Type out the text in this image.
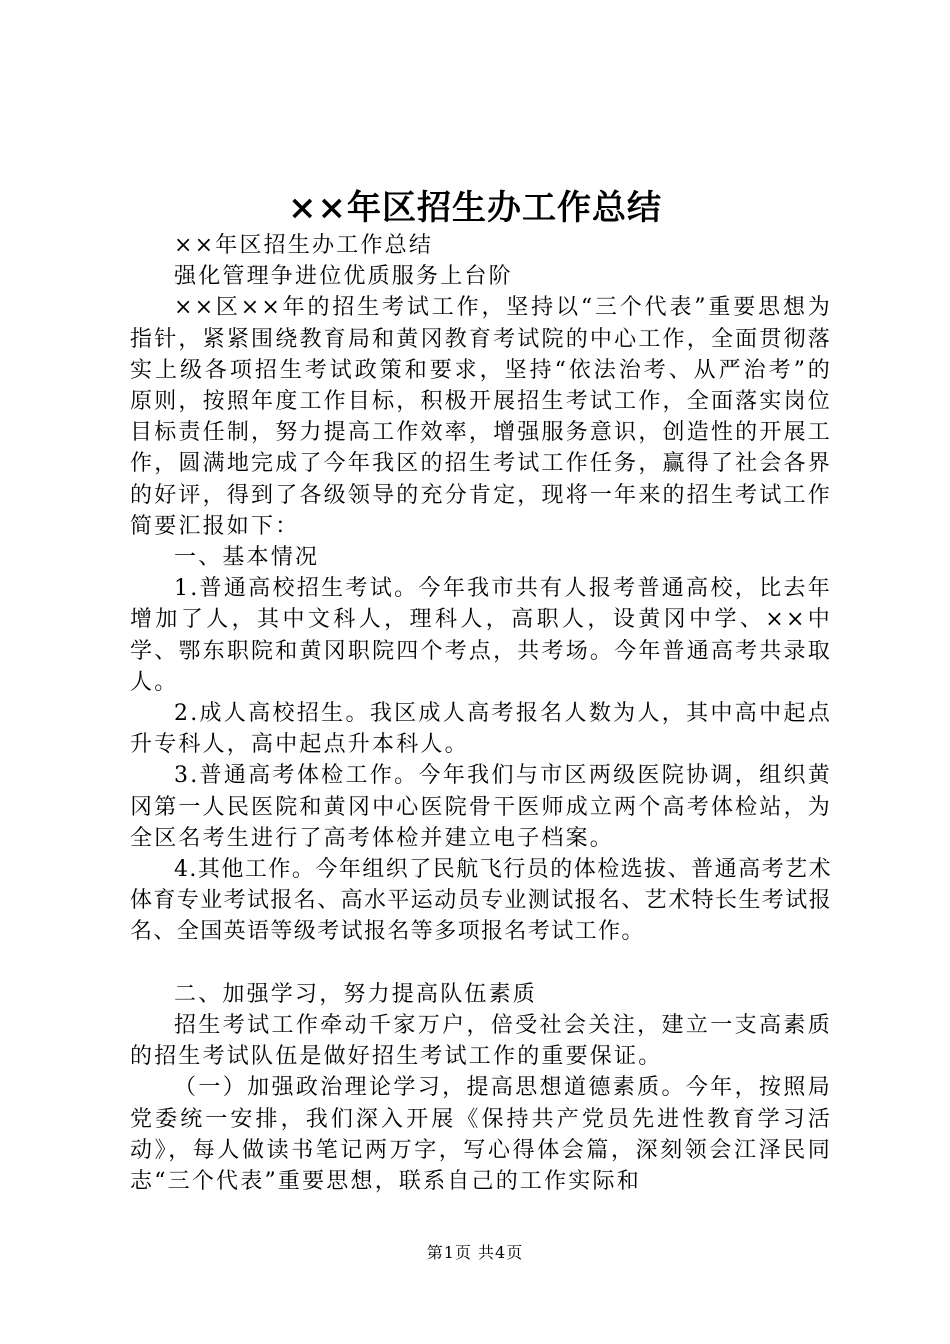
××年区招生办工作总结

××年区招生办工作总结

强化管理争进位优质服务上台阶

××区××年的招生考试工作，坚持以“三个代表”重要思想为指针，紧紧围绕教育局和黄冈教育考试院的中心工作，全面贯彻落实上级各项招生考试政策和要求，坚持“依法治考、从严治考”的原则，按照年度工作目标，积极开展招生考试工作，全面落实岗位目标责任制，努力提高工作效率，增强服务意识，创造性的开展工作，圆满地完成了今年我区的招生考试工作任务，赢得了社会各界的好评，得到了各级领导的充分肯定，现将一年来的招生考试工作简要汇报如下：

一、基本情况

1.普通高校招生考试。今年我市共有人报考普通高校，比去年增加了人，其中文科人，理科人，高职人，设黄冈中学、××中学、鄂东职院和黄冈职院四个考点，共考场。今年普通高考共录取人。

2.成人高校招生。我区成人高考报名人数为人，其中高中起点升专科人，高中起点升本科人。

3.普通高考体检工作。今年我们与市区两级医院协调，组织黄冈第一人民医院和黄冈中心医院骨干医师成立两个高考体检站，为全区名考生进行了高考体检并建立电子档案。

4.其他工作。今年组织了民航飞行员的体检选拔、普通高考艺术体育专业考试报名、高水平运动员专业测试报名、艺术特长生考试报名、全国英语等级考试报名等多项报名考试工作。

二、加强学习，努力提高队伍素质

招生考试工作牵动千家万户，倍受社会关注，建立一支高素质的招生考试队伍是做好招生考试工作的重要保证。

（一）加强政治理论学习，提高思想道德素质。今年，按照局党委统一安排，我们深入开展《保持共产党员先进性教育学习活动》，每人做读书笔记两万字，写心得体会篇，深刻领会江泽民同志“三个代表”重要思想，联系自己的工作实际和

第1页 共4页
